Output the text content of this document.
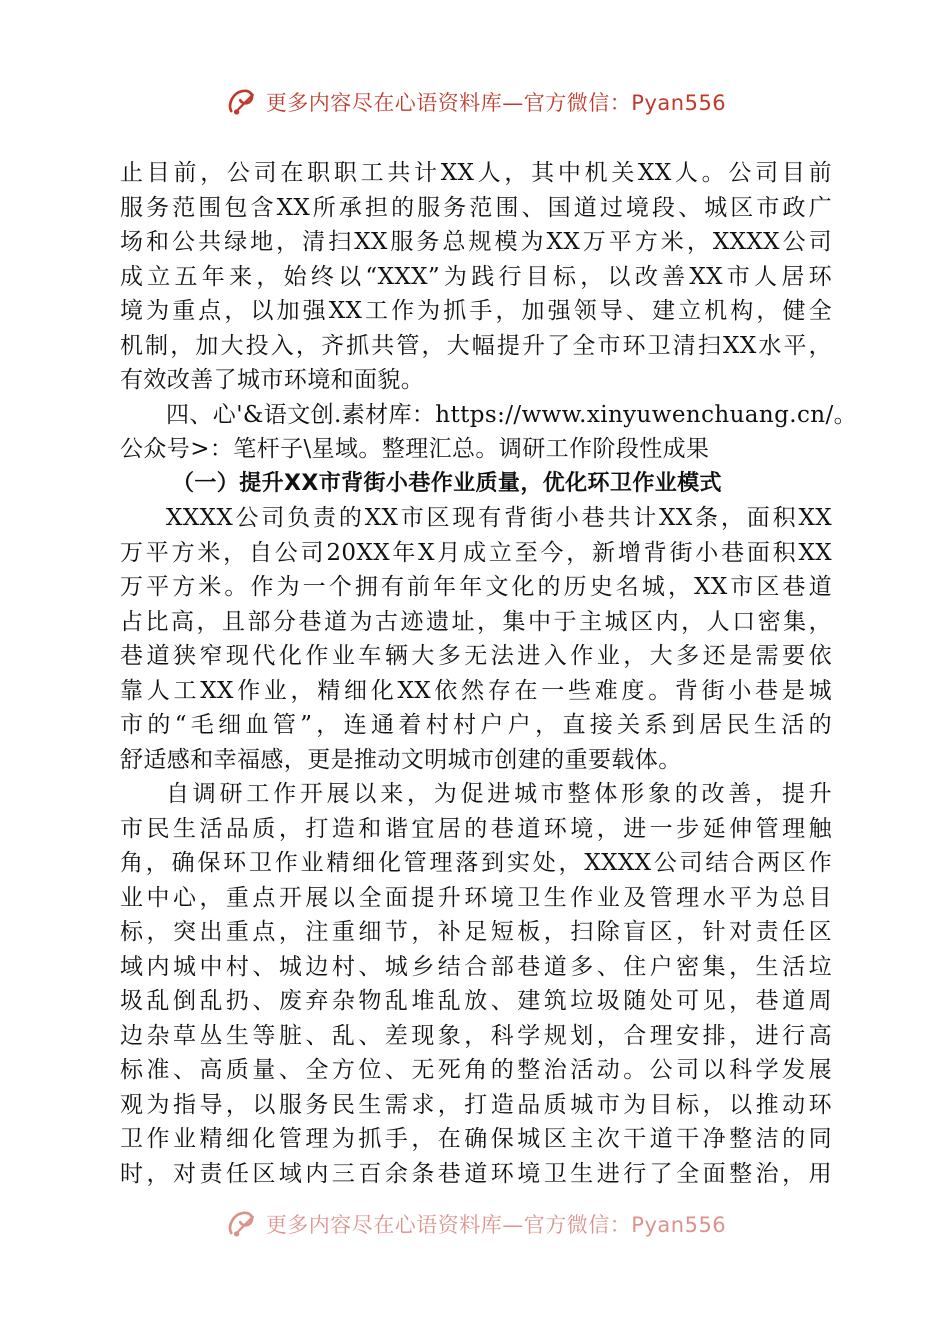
更多内容尽在心语资料库—官方微信：Pyan556
止目前，公司在职职工共计XX人，其中机关XX人。公司目前
服务范围包含XX所承担的服务范围、国道过境段、城区市政广
场和公共绿地，清扫XX服务总规模为XX万平方米，XXXX公司
成立五年来，始终以“XXX”为践行目标，以改善XX市人居环
境为重点，以加强XX工作为抓手，加强领导、建立机构，健全
机制，加大投入，齐抓共管，大幅提升了全市环卫清扫XX水平，
有效改善了城市环境和面貌。
四、心'&语文创.素材库：https://www.xinyuwenchuang.cn/。
公众号>：笔杆子\星域。整理汇总。调研工作阶段性成果
（一）提升XX市背街小巷作业质量，优化环卫作业模式
XXXX公司负责的XX市区现有背街小巷共计XX条，面积XX
万平方米，自公司20XX年X月成立至今，新增背街小巷面积XX
万平方米。作为一个拥有前年年文化的历史名城，XX市区巷道
占比高，且部分巷道为古迹遗址，集中于主城区内，人口密集，
巷道狭窄现代化作业车辆大多无法进入作业，大多还是需要依
靠人工XX作业，精细化XX依然存在一些难度。背街小巷是城
市的“毛细血管”，连通着村村户户，直接关系到居民生活的
舒适感和幸福感，更是推动文明城市创建的重要载体。
自调研工作开展以来，为促进城市整体形象的改善，提升
市民生活品质，打造和谐宜居的巷道环境，进一步延伸管理触
角，确保环卫作业精细化管理落到实处，XXXX公司结合两区作
业中心，重点开展以全面提升环境卫生作业及管理水平为总目
标，突出重点，注重细节，补足短板，扫除盲区，针对责任区
域内城中村、城边村、城乡结合部巷道多、住户密集，生活垃
圾乱倒乱扔、废弃杂物乱堆乱放、建筑垃圾随处可见，巷道周
边杂草丛生等脏、乱、差现象，科学规划，合理安排，进行高
标准、高质量、全方位、无死角的整治活动。公司以科学发展
观为指导，以服务民生需求，打造品质城市为目标，以推动环
卫作业精细化管理为抓手，在确保城区主次干道干净整洁的同
时，对责任区域内三百余条巷道环境卫生进行了全面整治，用
更多内容尽在心语资料库—官方微信：Pyan556
